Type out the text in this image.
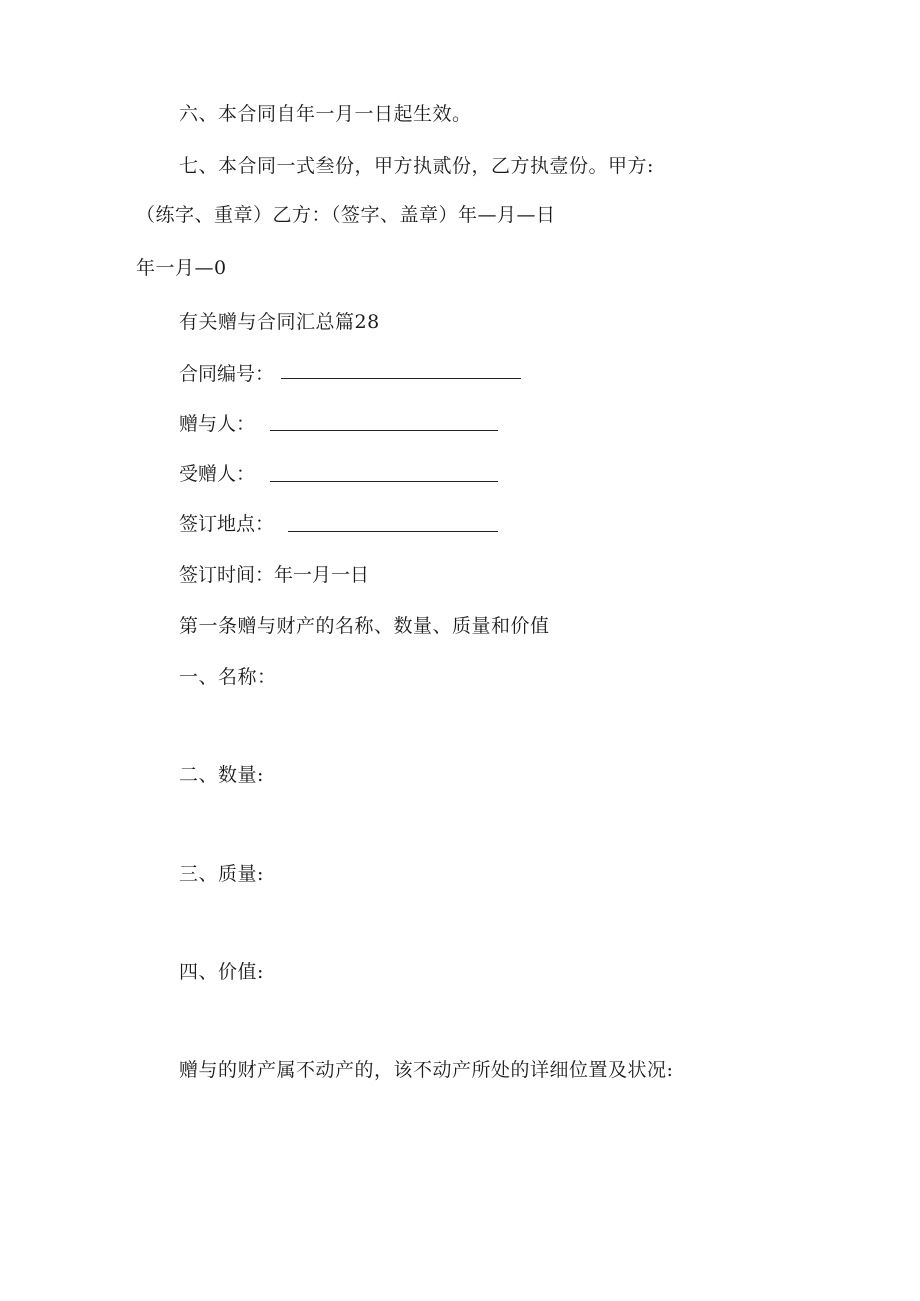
六、本合同自年一月一日起生效。
七、本合同一式叁份，甲方执贰份，乙方执壹份。甲方:
（练字、重章）乙方：（签字、盖章）年—月—日
年一月—0
有关赠与合同汇总篇28
合同编号：
赠与人：
受赠人：
签订地点：
签订时间：年一月一日
第一条赠与财产的名称、数量、质量和价值
一、名称：
二、数量:
三、质量:
四、价值:
赠与的财产属不动产的，该不动产所处的详细位置及状况:
